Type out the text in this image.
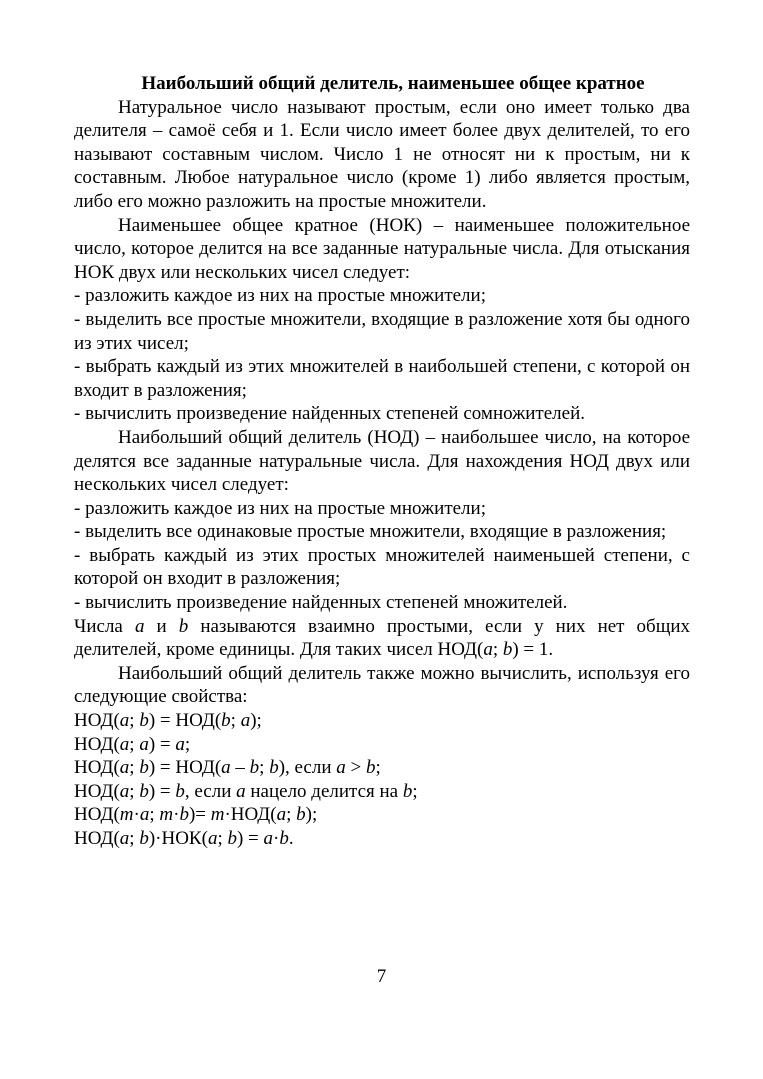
Наибольший общий делитель, наименьшее общее кратное

Натуральное число называют простым, если оно имеет только два делителя – самоё себя и 1. Если число имеет более двух делителей, то его называют составным числом. Число 1 не относят ни к простым, ни к составным. Любое натуральное число (кроме 1) либо является простым, либо его можно разложить на простые множители.

Наименьшее общее кратное (НОК) – наименьшее положительное число, которое делится на все заданные натуральные числа. Для отыскания НОК двух или нескольких чисел следует:

- разложить каждое из них на простые множители;

- выделить все простые множители, входящие в разложение хотя бы одного из этих чисел;

- выбрать каждый из этих множителей в наибольшей степени, с которой он входит в разложения;

- вычислить произведение найденных степеней сомножителей.

Наибольший общий делитель (НОД) – наибольшее число, на которое делятся все заданные натуральные числа. Для нахождения НОД двух или нескольких чисел следует:

- разложить каждое из них на простые множители;

- выделить все одинаковые простые множители, входящие в разложения;

- выбрать каждый из этих простых множителей наименьшей степени, с которой он входит в разложения;

- вычислить произведение найденных степеней множителей.

Числа a и b называются взаимно простыми, если у них нет общих делителей, кроме единицы. Для таких чисел НОД(a; b) = 1.

Наибольший общий делитель также можно вычислить, используя его следующие свойства:

НОД(a; b) = НОД(b; a);

НОД(a; a) = a;

НОД(a; b) = НОД(a – b; b), если a > b;

НОД(a; b) = b, если a нацело делится на b;

НОД(m·a; m·b)= m·НОД(a; b);

НОД(a; b)·НОК(a; b) = a·b.

7
